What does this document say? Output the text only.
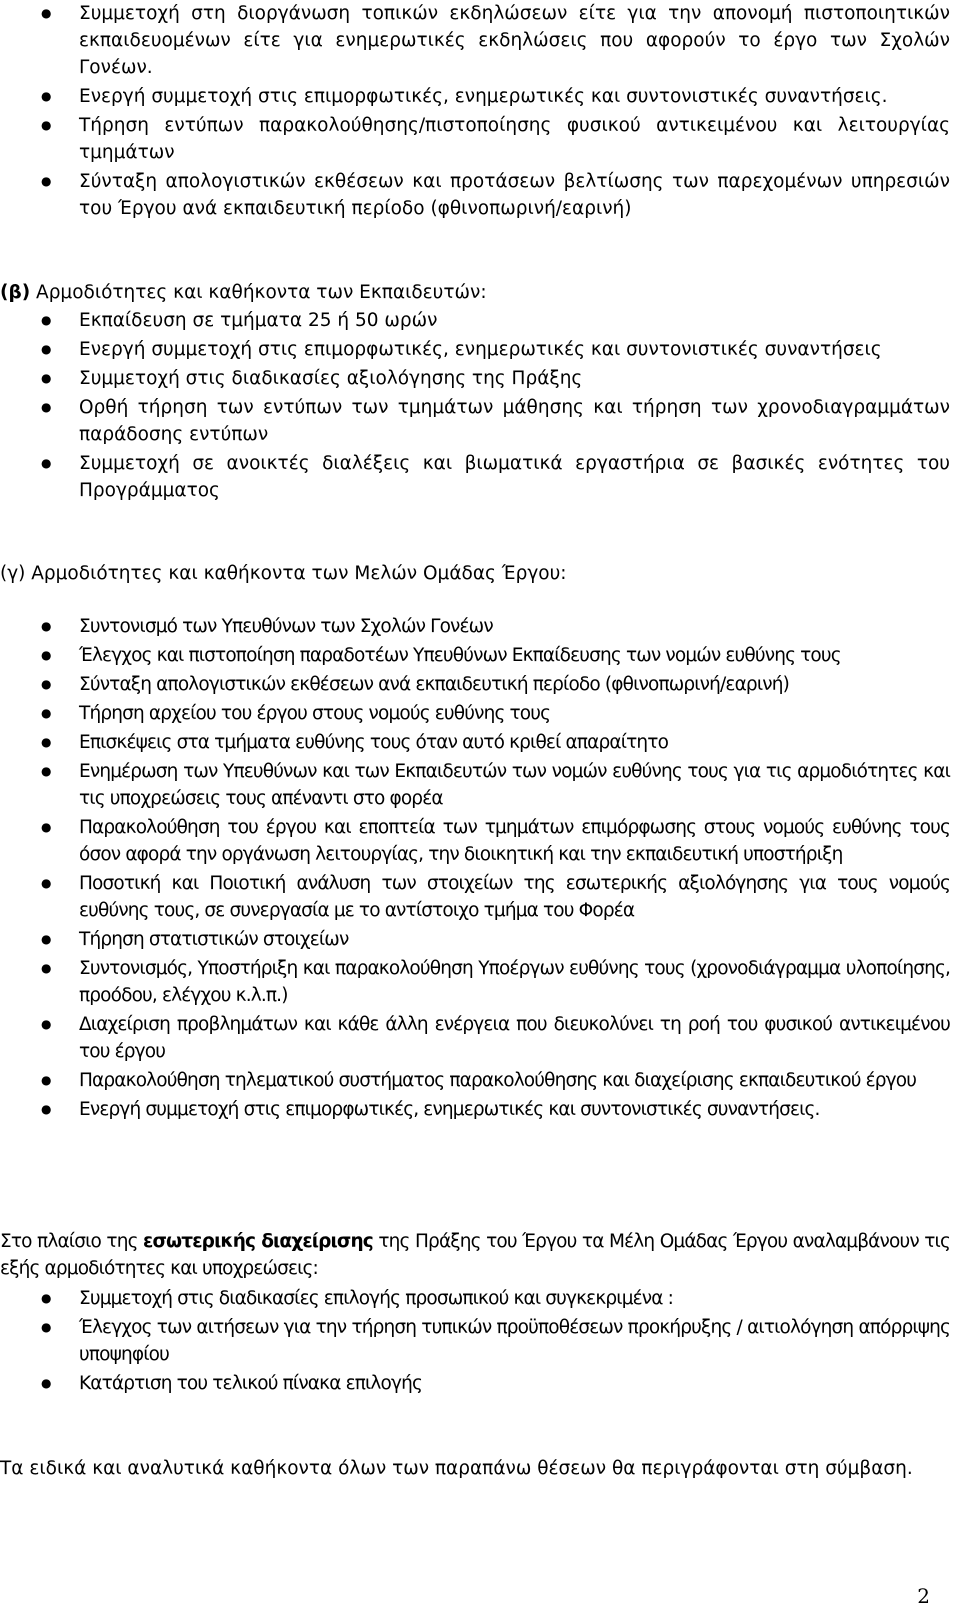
● Συμμετοχή στη διοργάνωση τοπικών εκδηλώσεων είτε για την απονομή πιστοποιητικών εκπαιδευομένων είτε για ενημερωτικές εκδηλώσεις που αφορούν το έργο των Σχολών Γονέων.
● Ενεργή συμμετοχή στις επιμορφωτικές, ενημερωτικές και συντονιστικές συναντήσεις.
● Τήρηση εντύπων παρακολούθησης/πιστοποίησης φυσικού αντικειμένου και λειτουργίας τμημάτων
● Σύνταξη απολογιστικών εκθέσεων και προτάσεων βελτίωσης των παρεχομένων υπηρεσιών του Έργου ανά εκπαιδευτική περίοδο (φθινοπωρινή/εαρινή)

(β) Αρμοδιότητες και καθήκοντα των Εκπαιδευτών:

● Εκπαίδευση σε τμήματα 25 ή 50 ωρών
● Ενεργή συμμετοχή στις επιμορφωτικές, ενημερωτικές και συντονιστικές συναντήσεις
● Συμμετοχή στις διαδικασίες αξιολόγησης της Πράξης
● Ορθή τήρηση των εντύπων των τμημάτων μάθησης και τήρηση των χρονοδιαγραμμάτων παράδοσης εντύπων
● Συμμετοχή σε ανοικτές διαλέξεις και βιωματικά εργαστήρια σε βασικές ενότητες του Προγράμματος

(γ) Αρμοδιότητες και καθήκοντα των Μελών Ομάδας Έργου:

● Συντονισμό των Υπευθύνων των Σχολών Γονέων
● Έλεγχος και πιστοποίηση παραδοτέων Υπευθύνων Εκπαίδευσης των νομών ευθύνης τους
● Σύνταξη απολογιστικών εκθέσεων ανά εκπαιδευτική περίοδο (φθινοπωρινή/εαρινή)
● Τήρηση αρχείου του έργου στους νομούς ευθύνης τους
● Επισκέψεις στα τμήματα ευθύνης τους όταν αυτό κριθεί απαραίτητο
● Ενημέρωση των Υπευθύνων και των Εκπαιδευτών των νομών ευθύνης τους για τις αρμοδιότητες και τις υποχρεώσεις τους απέναντι στο φορέα
● Παρακολούθηση του έργου και εποπτεία των τμημάτων επιμόρφωσης στους νομούς ευθύνης τους όσον αφορά την οργάνωση λειτουργίας, την διοικητική και την εκπαιδευτική υποστήριξη
● Ποσοτική και Ποιοτική ανάλυση των στοιχείων της εσωτερικής αξιολόγησης για τους νομούς ευθύνης τους, σε συνεργασία με το αντίστοιχο τμήμα του Φορέα
● Τήρηση στατιστικών στοιχείων
● Συντονισμός, Υποστήριξη και παρακολούθηση Υποέργων ευθύνης τους (χρονοδιάγραμμα υλοποίησης, προόδου, ελέγχου κ.λ.π.)
● Διαχείριση προβλημάτων και κάθε άλλη ενέργεια που διευκολύνει τη ροή του φυσικού αντικειμένου του έργου
● Παρακολούθηση τηλεματικού συστήματος παρακολούθησης και διαχείρισης εκπαιδευτικού έργου
● Ενεργή συμμετοχή στις επιμορφωτικές, ενημερωτικές και συντονιστικές συναντήσεις.

Στο πλαίσιο της εσωτερικής διαχείρισης της Πράξης του Έργου τα Μέλη Ομάδας Έργου αναλαμβάνουν τις εξής αρμοδιότητες και υποχρεώσεις:

● Συμμετοχή στις διαδικασίες επιλογής προσωπικού και συγκεκριμένα :
● Έλεγχος των αιτήσεων για την τήρηση τυπικών προϋποθέσεων προκήρυξης / αιτιολόγηση απόρριψης υποψηφίου
● Κατάρτιση του τελικού πίνακα επιλογής

Τα ειδικά και αναλυτικά καθήκοντα όλων των παραπάνω θέσεων θα περιγράφονται στη σύμβαση.

2
